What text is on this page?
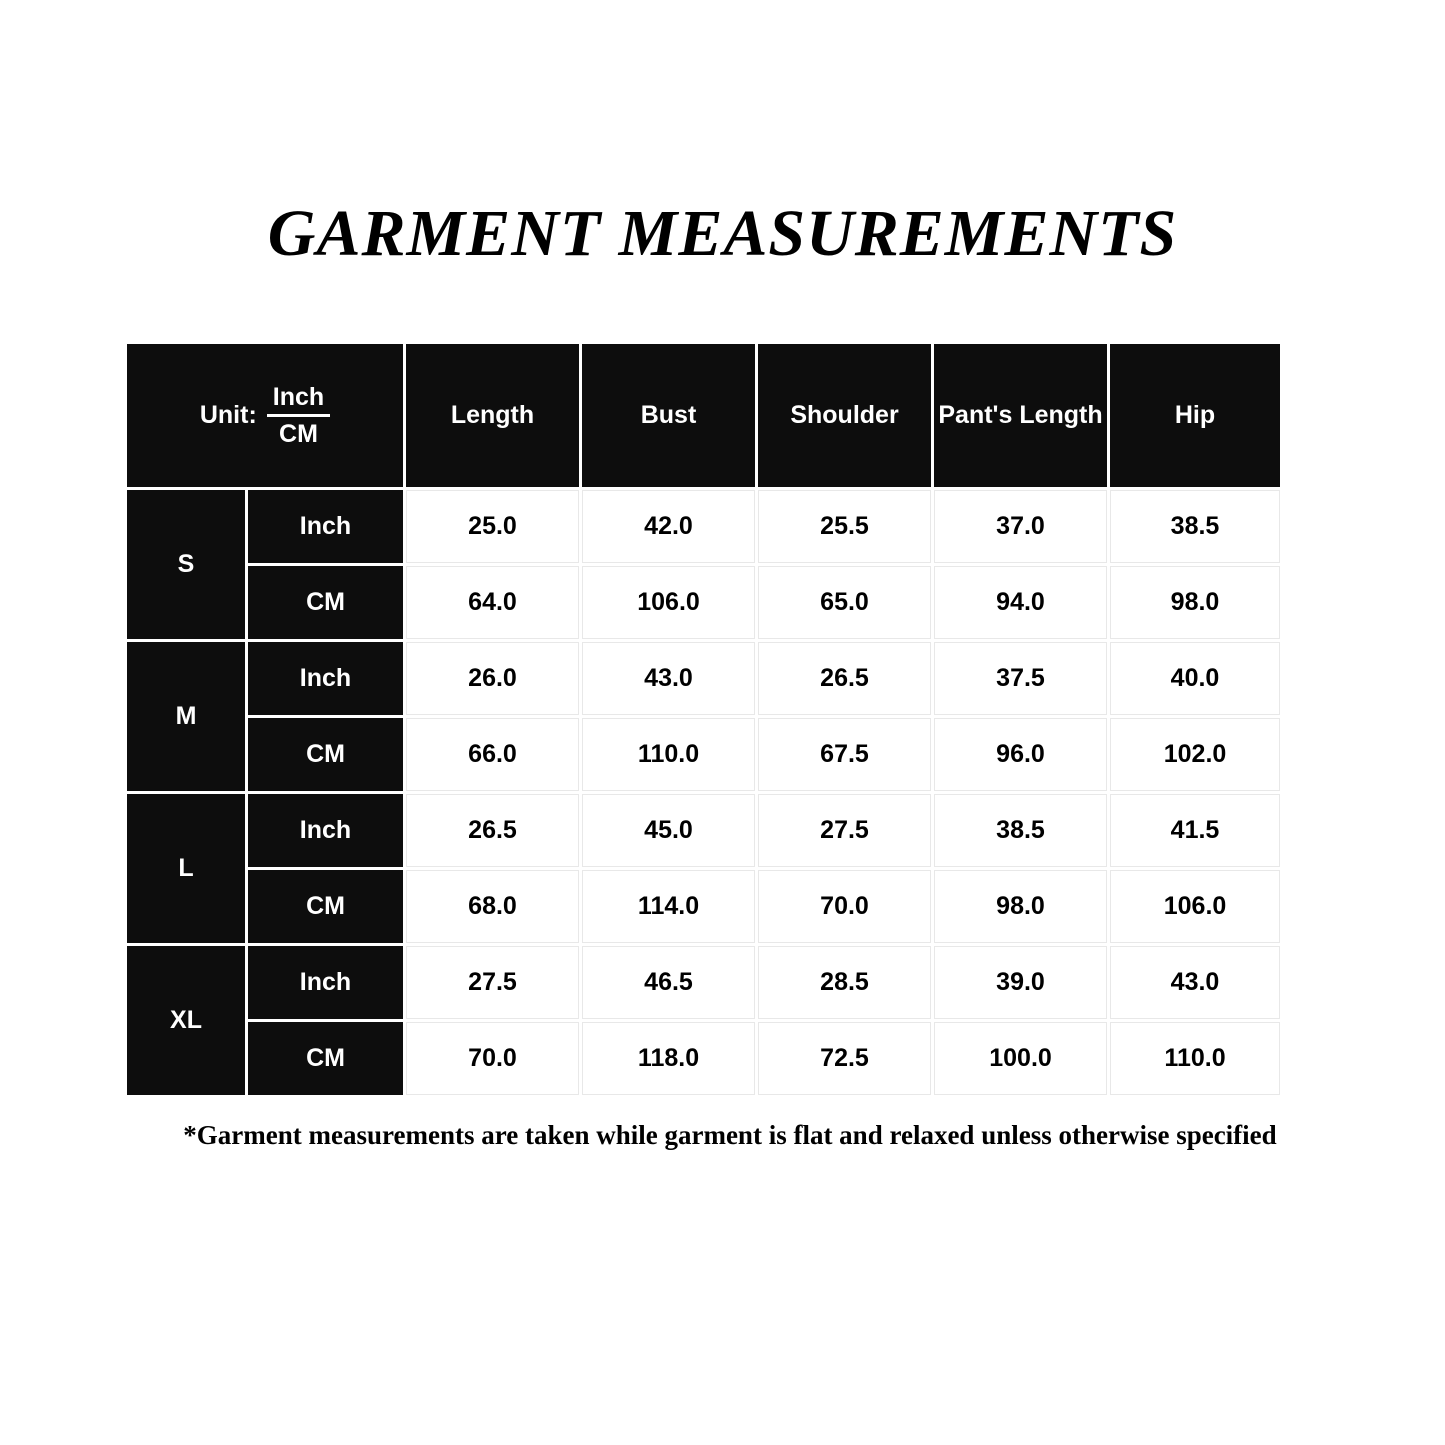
GARMENT MEASUREMENTS
Unit: $\frac{\text{Inch}}{CM}$		Length	Bust	Shoulder	Pant's Length	Hip
S	Inch	25.0	42.0	25.5	37.0	38.5
	CM	64.0	106.0	65.0	94.0	98.0
M	Inch	26.0	43.0	26.5	37.5	40.0
	CM	66.0	110.0	67.5	96.0	102.0
L	Inch	26.5	45.0	27.5	38.5	41.5
	CM	68.0	114.0	70.0	98.0	106.0
XL	Inch	27.5	46.5	28.5	39.0	43.0
	CM	70.0	118.0	72.5	100.0	110.0
*Garment measurements are taken while garment is flat and relaxed unless otherwise specified
